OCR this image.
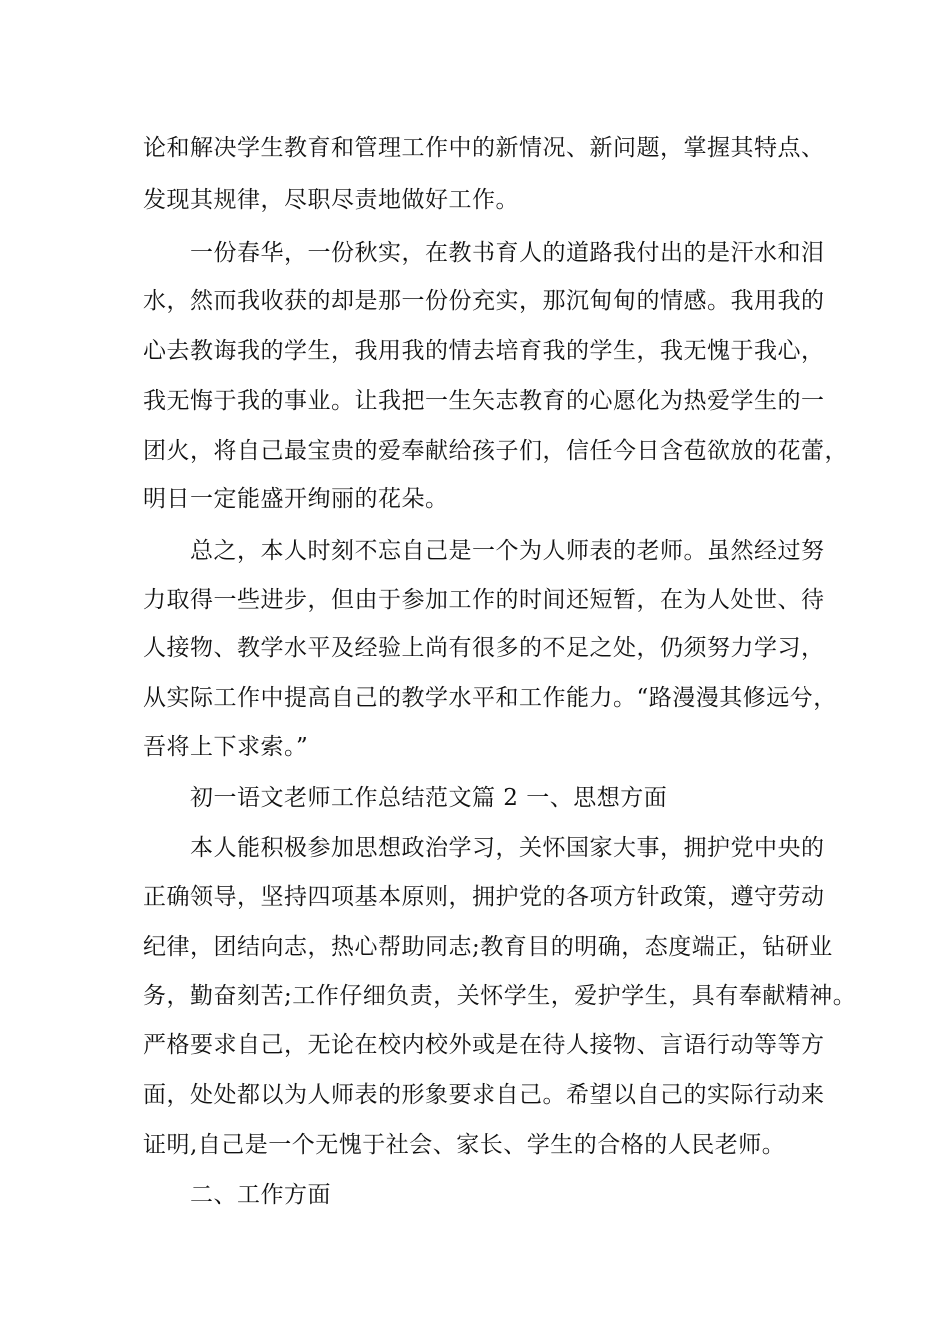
论和解决学生教育和管理工作中的新情况、新问题，掌握其特点、
发现其规律，尽职尽责地做好工作。
一份春华，一份秋实，在教书育人的道路我付出的是汗水和泪
水，然而我收获的却是那一份份充实，那沉甸甸的情感。我用我的
心去教诲我的学生，我用我的情去培育我的学生，我无愧于我心，
我无悔于我的事业。让我把一生矢志教育的心愿化为热爱学生的一
团火，将自己最宝贵的爱奉献给孩子们，信任今日含苞欲放的花蕾，
明日一定能盛开绚丽的花朵。
总之，本人时刻不忘自己是一个为人师表的老师。虽然经过努
力取得一些进步，但由于参加工作的时间还短暂，在为人处世、待
人接物、教学水平及经验上尚有很多的不足之处，仍须努力学习，
从实际工作中提高自己的教学水平和工作能力。“路漫漫其修远兮，
吾将上下求索。”
初一语文老师工作总结范文篇 2 一、思想方面
本人能积极参加思想政治学习，关怀国家大事，拥护党中央的
正确领导，坚持四项基本原则，拥护党的各项方针政策，遵守劳动
纪律，团结向志，热心帮助同志;教育目的明确，态度端正，钻研业
务，勤奋刻苦;工作仔细负责，关怀学生，爱护学生，具有奉献精神。
严格要求自己，无论在校内校外或是在待人接物、言语行动等等方
面，处处都以为人师表的形象要求自己。希望以自己的实际行动来
证明,自己是一个无愧于社会、家长、学生的合格的人民老师。
二、工作方面
